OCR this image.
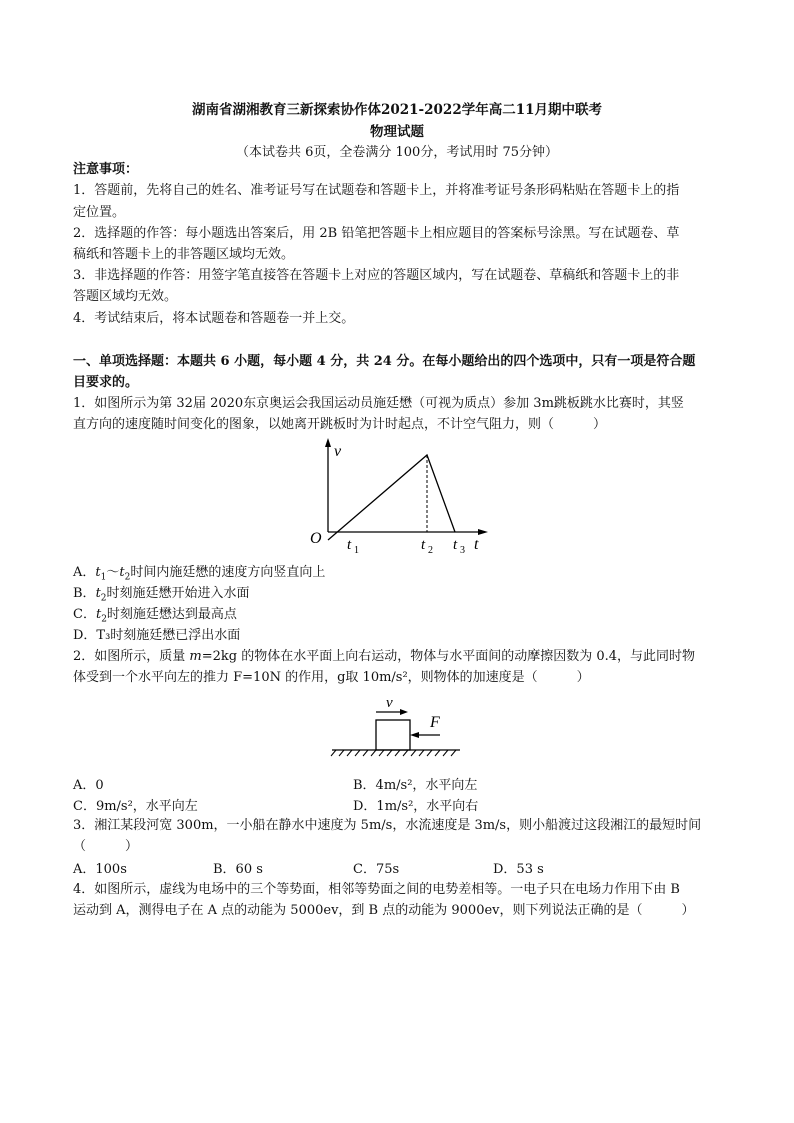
湖南省湖湘教育三新探索协作体2021-2022学年高二11月期中联考
物理试题
（本试卷共 6页，全卷满分 100分，考试用时 75分钟）
注意事项：
1．答题前，先将自己的姓名、准考证号写在试题卷和答题卡上，并将准考证号条形码粘贴在答题卡上的指
定位置。
2．选择题的作答：每小题选出答案后，用 2B 铅笔把答题卡上相应题目的答案标号涂黑。写在试题卷、草
稿纸和答题卡上的非答题区域均无效。
3．非选择题的作答：用签字笔直接答在答题卡上对应的答题区域内，写在试题卷、草稿纸和答题卡上的非
答题区域均无效。
4．考试结束后，将本试题卷和答题卷一并上交。
一、单项选择题：本题共 6 小题，每小题 4 分，共 24 分。在每小题给出的四个选项中，只有一项是符合题
目要求的。
1．如图所示为第 32届 2020东京奥运会我国运动员施廷懋（可视为质点）参加 3m跳板跳水比赛时，其竖
直方向的速度随时间变化的图象，以她离开跳板时为计时起点，不计空气阻力，则（　　　）
v
O	t
t 1	t 2 t 3
A．$t_1\sim t_2$时间内施廷懋的速度方向竖直向上
B．$t_2$时刻施廷懋开始进入水面
C．$t_2$时刻施廷懋达到最高点
D．T₃时刻施廷懋已浮出水面
2．如图所示，质量 m=2kg 的物体在水平面上向右运动，物体与水平面间的动摩擦因数为 0.4，与此同时物
体受到一个水平向左的推力 F=10N 的作用，g取 10m/s²，则物体的加速度是（　　　）
v
F
A．0	B．4m/s²，水平向左
C．9m/s²，水平向左	D．1m/s²，水平向右
3．湘江某段河宽 300m，一小船在静水中速度为 5m/s，水流速度是 3m/s，则小船渡过这段湘江的最短时间
（　　　）
A．100s	B．60 s	C．75s	D．53 s
4．如图所示，虚线为电场中的三个等势面，相邻等势面之间的电势差相等。一电子只在电场力作用下由 B
运动到 A，测得电子在 A 点的动能为 5000ev，到 B 点的动能为 9000ev，则下列说法正确的是（　　　）
